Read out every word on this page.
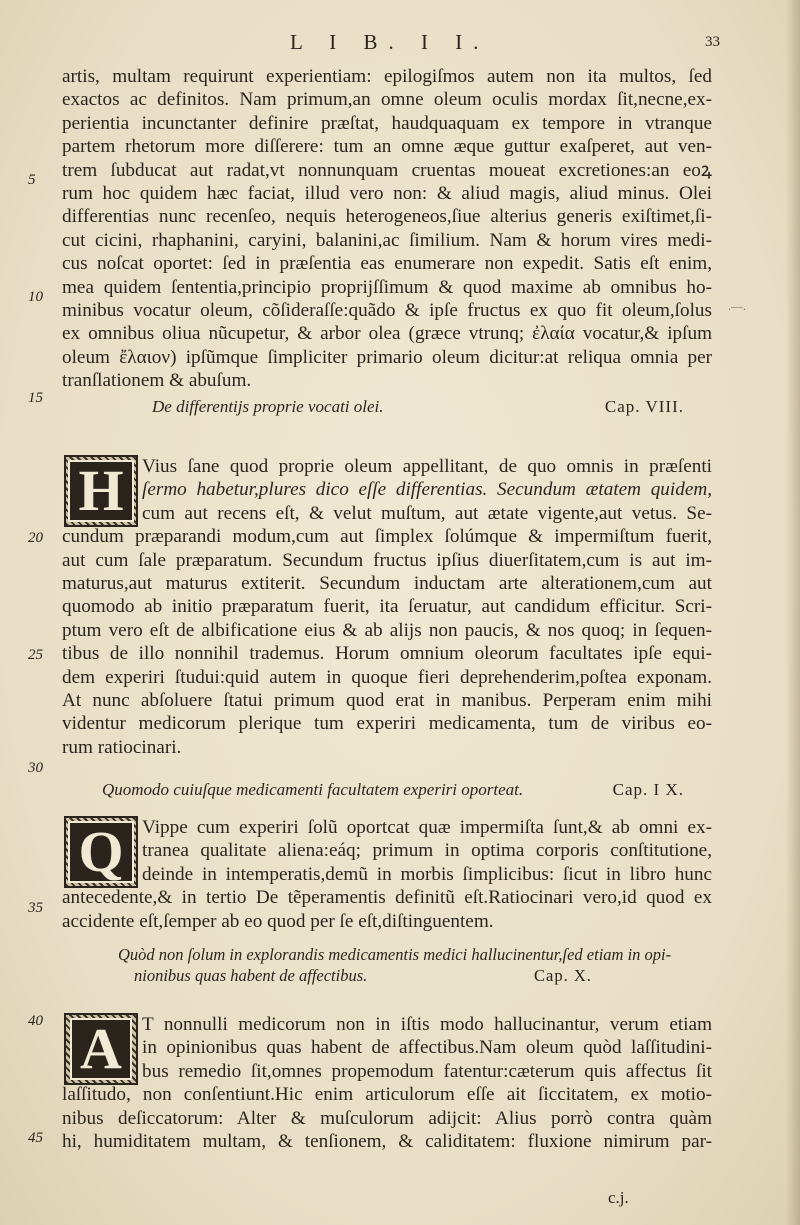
L I B. I I.	33
5
10
15
20
25
30
35
40
45
.—.
artis, multam requirunt experientiam: epilogiſmos autem non ita multos, ſed
exactos ac definitos. Nam primum,an omne oleum oculis mordax ſit,necne,ex-
perientia incunctanter definire præſtat, haudquaquam ex tempore in vtranque
partem rhetorum more diſſerere: tum an omne æque guttur exaſperet, aut ven-
trem ſubducat aut radat,vt nonnunquam cruentas moueat excretiones:an eoꝝ
rum hoc quidem hæc faciat, illud vero non: & aliud magis, aliud minus. Olei
differentias nunc recenſeo, nequis heterogeneos,ſiue alterius generis exiſtimet,ſi-
cut cicini, rhaphanini, caryini, balanini,ac ſimilium. Nam & horum vires medi-
cus noſcat oportet: ſed in præſentia eas enumerare non expedit. Satis eſt enim,
mea quidem ſententia,principio proprijſſimum & quod maxime ab omnibus ho-
minibus vocatur oleum, cõſideraſſe:quãdo & ipſe fructus ex quo fit oleum,ſolus
ex omnibus oliua nũcupetur, & arbor olea (græce vtrunq; ἐλαία vocatur,& ipſum
oleum ἔλαιον) ipſũmque ſimpliciter primario oleum dicitur:at reliqua omnia per
tranſlationem & abuſum.
De differentijs proprie vocati olei.	Cap. VIII.
H Vius ſane quod proprie oleum appellitant, de quo omnis in præſenti
ſermo habetur,plures dico eſſe differentias. Secundum ætatem quidem,
cum aut recens eſt, & velut muſtum, aut ætate vigente,aut vetus. Se-
cundum præparandi modum,cum aut ſimplex ſolúmque & impermiſtum fuerit,
aut cum ſale præparatum. Secundum fructus ipſius diuerſitatem,cum is aut im-
maturus,aut maturus extiterit. Secundum inductam arte alterationem,cum aut
quomodo ab initio præparatum fuerit, ita ſeruatur, aut candidum efficitur. Scri-
ptum vero eſt de albificatione eius & ab alijs non paucis, & nos quoq; in ſequen-
tibus de illo nonnihil trademus. Horum omnium oleorum facultates ipſe equi-
dem experiri ſtudui:quid autem in quoque fieri deprehenderim,poſtea exponam.
At nunc abſoluere ſtatui primum quod erat in manibus. Perperam enim mihi
videntur medicorum plerique tum experiri medicamenta, tum de viribus eo-
rum ratiocinari.
Quomodo cuiuſque medicamenti facultatem experiri oporteat.	Cap. I X.
Q Vippe cum experiri ſolũ oportcat quæ impermiſta ſunt,& ab omni ex-
tranea qualitate aliena:eáq; primum in optima corporis conſtitutione,
deinde in intemperatis,demũ in morbis ſimplicibus: ſicut in libro hunc
antecedente,& in tertio De tẽperamentis definitũ eſt.Ratiocinari vero,id quod ex
accidente eſt,ſemper ab eo quod per ſe eſt,diſtinguentem.
Quòd non ſolum in explorandis medicamentis medici hallucinentur,ſed etiam in opi-
nionibus quas habent de affectibus.	Cap. X.
A	T nonnulli medicorum non in iſtis modo hallucinantur, verum etiam
in opinionibus quas habent de affectibus.Nam oleum quòd laſſitudini-
bus remedio ſit,omnes propemodum fatentur:cæterum quis affectus ſit
laſſitudo, non conſentiunt.Hic enim articulorum eſſe ait ſiccitatem, ex motio-
nibus deſiccatorum: Alter & muſculorum adijcit: Alius porrò contra quàm
hi, humiditatem multam, & tenſionem, & caliditatem: fluxione nimirum par-
c.j.
